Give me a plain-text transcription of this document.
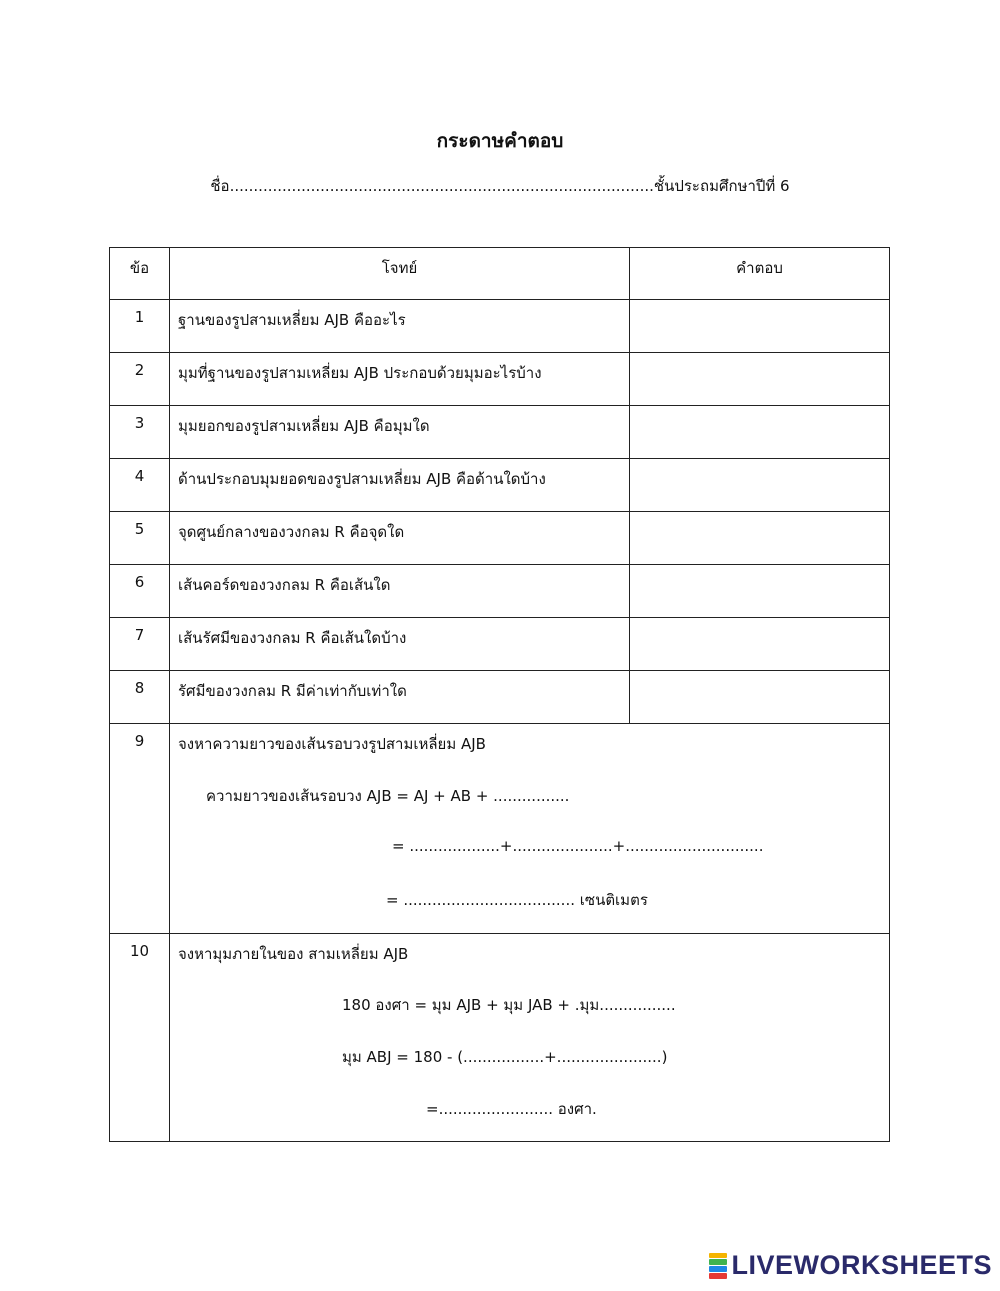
กระดาษคำตอบ
ชื่อ.........................................................................................ชั้นประถมศึกษาปีที่ 6
ข้อ	โจทย์	คำตอบ
1	ฐานของรูปสามเหลี่ยม AJB คืออะไร	
2	มุมที่ฐานของรูปสามเหลี่ยม AJB ประกอบด้วยมุมอะไรบ้าง	
3	มุมยอกของรูปสามเหลี่ยม AJB คือมุมใด	
4	ด้านประกอบมุมยอดของรูปสามเหลี่ยม AJB คือด้านใดบ้าง	
5	จุดศูนย์กลางของวงกลม R คือจุดใด	
6	เส้นคอร์ดของวงกลม R คือเส้นใด	
7	เส้นรัศมีของวงกลม R คือเส้นใดบ้าง	
8	รัศมีของวงกลม R มีค่าเท่ากับเท่าใด	
9	จงหาความยาวของเส้นรอบวงรูปสามเหลี่ยม AJB
ความยาวของเส้นรอบวง AJB = AJ + AB + ................
= ...................+.....................+.............................
= .................................... เซนติเมตร	

10	จงหามุมภายในของ สามเหลี่ยม AJB
180 องศา = มุม AJB + มุม JAB + .มุม................
มุม ABJ = 180 - (.................+......................)
=........................ องศา.	
LIVEWORKSHEETS
